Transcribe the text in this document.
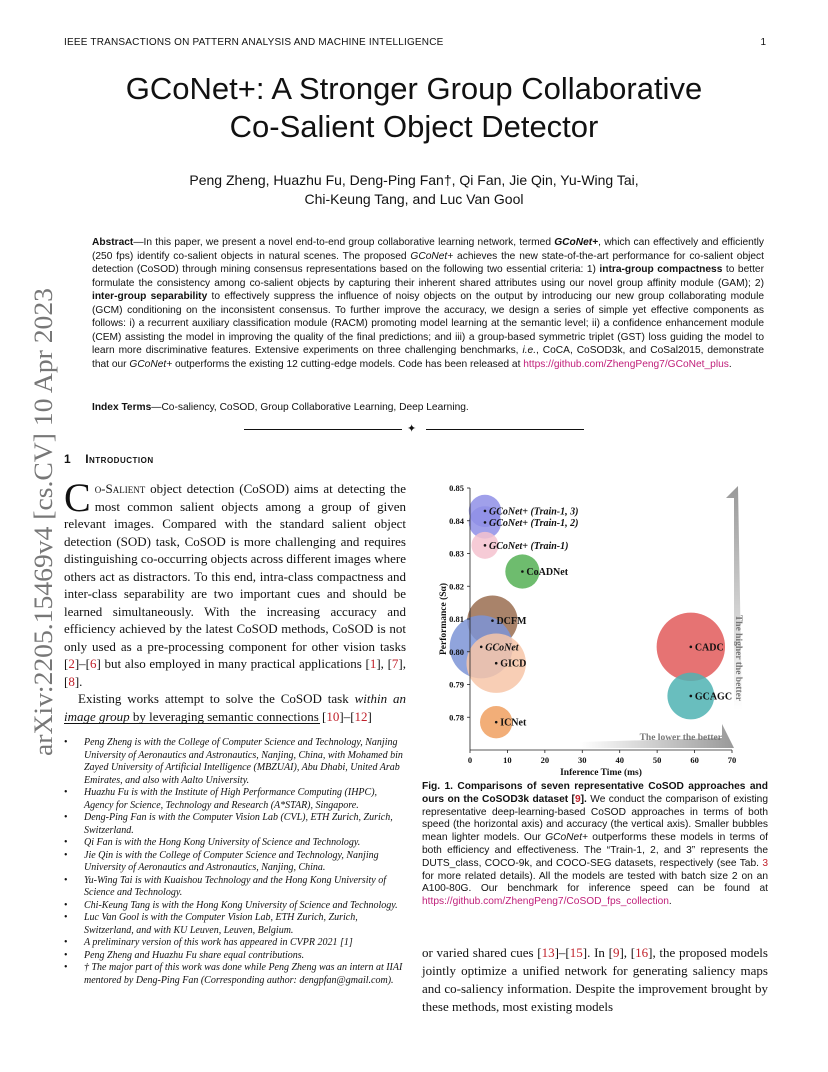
IEEE TRANSACTIONS ON PATTERN ANALYSIS AND MACHINE INTELLIGENCE	1
GCoNet+: A Stronger Group Collaborative
Co-Salient Object Detector
Peng Zheng, Huazhu Fu, Deng-Ping Fan†, Qi Fan, Jie Qin, Yu-Wing Tai,
Chi-Keung Tang, and Luc Van Gool
arXiv:2205.15469v4 [cs.CV] 10 Apr 2023

Abstract—In this paper, we present a novel end-to-end group collaborative learning network, termed GCoNet+, which can effectively and efficiently (250 fps) identify co-salient objects in natural scenes. The proposed GCoNet+ achieves the new state-of-the-art performance for co-salient object detection (CoSOD) through mining consensus representations based on the following two essential criteria: 1) intra-group compactness to better formulate the consistency among co-salient objects by capturing their inherent shared attributes using our novel group affinity module (GAM); 2) inter-group separability to effectively suppress the influence of noisy objects on the output by introducing our new group collaborating module (GCM) conditioning on the inconsistent consensus. To further improve the accuracy, we design a series of simple yet effective components as follows: i) a recurrent auxiliary classification module (RACM) promoting model learning at the semantic level; ii) a confidence enhancement module (CEM) assisting the model in improving the quality of the final predictions; and iii) a group-based symmetric triplet (GST) loss guiding the model to learn more discriminative features. Extensive experiments on three challenging benchmarks, i.e., CoCA, CoSOD3k, and CoSal2015, demonstrate that our GCoNet+ outperforms the existing 12 cutting-edge models. Code has been released at https://github.com/ZhengPeng7/GCoNet_plus.

Index Terms—Co-saliency, CoSOD, Group Collaborative Learning, Deep Learning.
✦
1 Introduction

Co-Salient object detection (CoSOD) aims at detecting the most common salient objects among a group of given relevant images. Compared with the standard salient object detection (SOD) task, CoSOD is more challenging and requires distinguishing co-occurring objects across different images where others act as distractors. To this end, intra-class compactness and inter-class separability are two important cues and should be learned simultaneously. With the increasing accuracy and efficiency achieved by the latest CoSOD methods, CoSOD is not only used as a pre-processing component for other vision tasks [2]–[6] but also employed in many practical applications [1], [7], [8].

Existing works attempt to solve the CoSOD task within an image group by leveraging semantic connections [10]–[12]

• Peng Zheng is with the College of Computer Science and Technology, Nanjing University of Aeronautics and Astronautics, Nanjing, China, with Mohamed bin Zayed University of Artificial Intelligence (MBZUAI), Abu Dhabi, United Arab Emirates, and also with Aalto University.
• Huazhu Fu is with the Institute of High Performance Computing (IHPC), Agency for Science, Technology and Research (A*STAR), Singapore.
• Deng-Ping Fan is with the Computer Vision Lab (CVL), ETH Zurich, Zurich, Switzerland.
• Qi Fan is with the Hong Kong University of Science and Technology.
• Jie Qin is with the College of Computer Science and Technology, Nanjing University of Aeronautics and Astronautics, Nanjing, China.
• Yu-Wing Tai is with Kuaishou Technology and the Hong Kong University of Science and Technology.
• Chi-Keung Tang is with the Hong Kong University of Science and Technology.
• Luc Van Gool is with the Computer Vision Lab, ETH Zurich, Zurich, Switzerland, and with KU Leuven, Leuven, Belgium.
• A preliminary version of this work has appeared in CVPR 2021 [1]
• Peng Zheng and Huazhu Fu share equal contributions.
• † The major part of this work was done while Peng Zheng was an intern at IIAI mentored by Deng-Ping Fan (Corresponding author: dengpfan@gmail.com).
GCoNet+ (Train-1, 3)
GCoNet+ (Train-1, 2)
GCoNet+ (Train-1)
CoADNet
DCFM
GCoNet
GICD
ICNet
CADC
GCAGC
0	10	20	30	40	50	60	70
0.78
0.79
0.80
0.81
0.82
0.83
0.84
0.85
Inference Time (ms)
Performance (Sα)
The lower the better
The higher the better
Fig. 1. Comparisons of seven representative CoSOD approaches and ours on the CoSOD3k dataset [9]. We conduct the comparison of existing representative deep-learning-based CoSOD approaches in terms of both speed (the horizontal axis) and accuracy (the vertical axis). Smaller bubbles mean lighter models. Our GCoNet+ outperforms these models in terms of both efficiency and effectiveness. The “Train-1, 2, and 3” represents the DUTS_class, COCO-9k, and COCO-SEG datasets, respectively (see Tab. 3 for more related details). All the models are tested with batch size 2 on an A100-80G. Our benchmark for inference speed can be found at https://github.com/ZhengPeng7/CoSOD_fps_collection.
or varied shared cues [13]–[15]. In [9], [16], the proposed models jointly optimize a unified network for generating saliency maps and co-saliency information. Despite the improvement brought by these methods, most existing models
